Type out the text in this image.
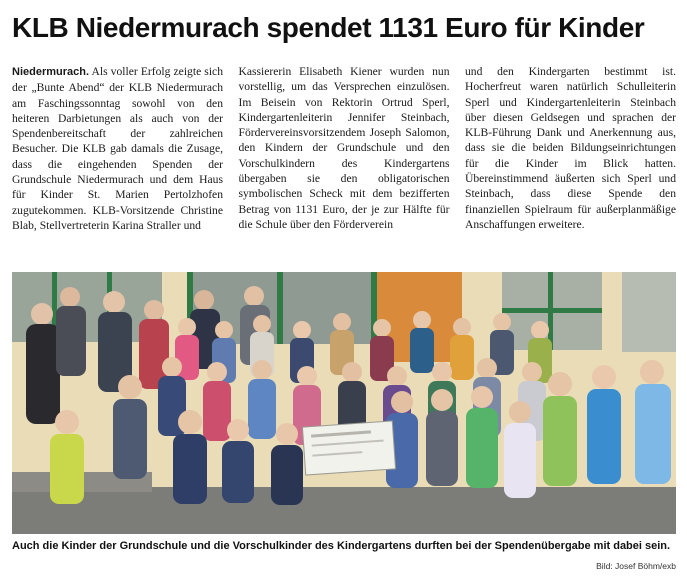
KLB Niedermurach spendet 1131 Euro für Kinder

Niedermurach. Als voller Erfolg zeigte sich der „Bunte Abend“ der KLB Niedermurach am Faschingssonntag sowohl von den heiteren Darbietungen als auch von der Spendenbereitschaft der zahlreichen Besucher. Die KLB gab damals die Zusage, dass die eingehenden Spenden der Grundschule Niedermurach und dem Haus für Kinder St. Marien Pertolzhofen zugutekommen. KLB-Vorsitzende Christine Blab, Stellvertreterin Karina Straller und

Kassiererin Elisabeth Kiener wurden nun vorstellig, um das Versprechen einzulösen. Im Beisein von Rektorin Ortrud Sperl, Kindergartenleiterin Jennifer Steinbach, Fördervereinsvorsitzendem Joseph Salomon, den Kindern der Grundschule und den Vorschulkindern des Kindergartens übergaben sie den obligatorischen symbolischen Scheck mit dem bezifferten Betrag von 1131 Euro, der je zur Hälfte für die Schule über den Förderverein

und den Kindergarten bestimmt ist. Hocherfreut waren natürlich Schulleiterin Sperl und Kindergartenleiterin Steinbach über diesen Geldsegen und sprachen der KLB-Führung Dank und Anerkennung aus, dass sie die beiden Bildungseinrichtungen für die Kinder im Blick hatten. Übereinstimmend äußerten sich Sperl und Steinbach, dass diese Spende den finanziellen Spielraum für außerplanmäßige Anschaffungen erweitere.

Auch die Kinder der Grundschule und die Vorschulkinder des Kindergartens durften bei der Spendenübergabe mit dabei sein.

Bild: Josef Böhm/exb
